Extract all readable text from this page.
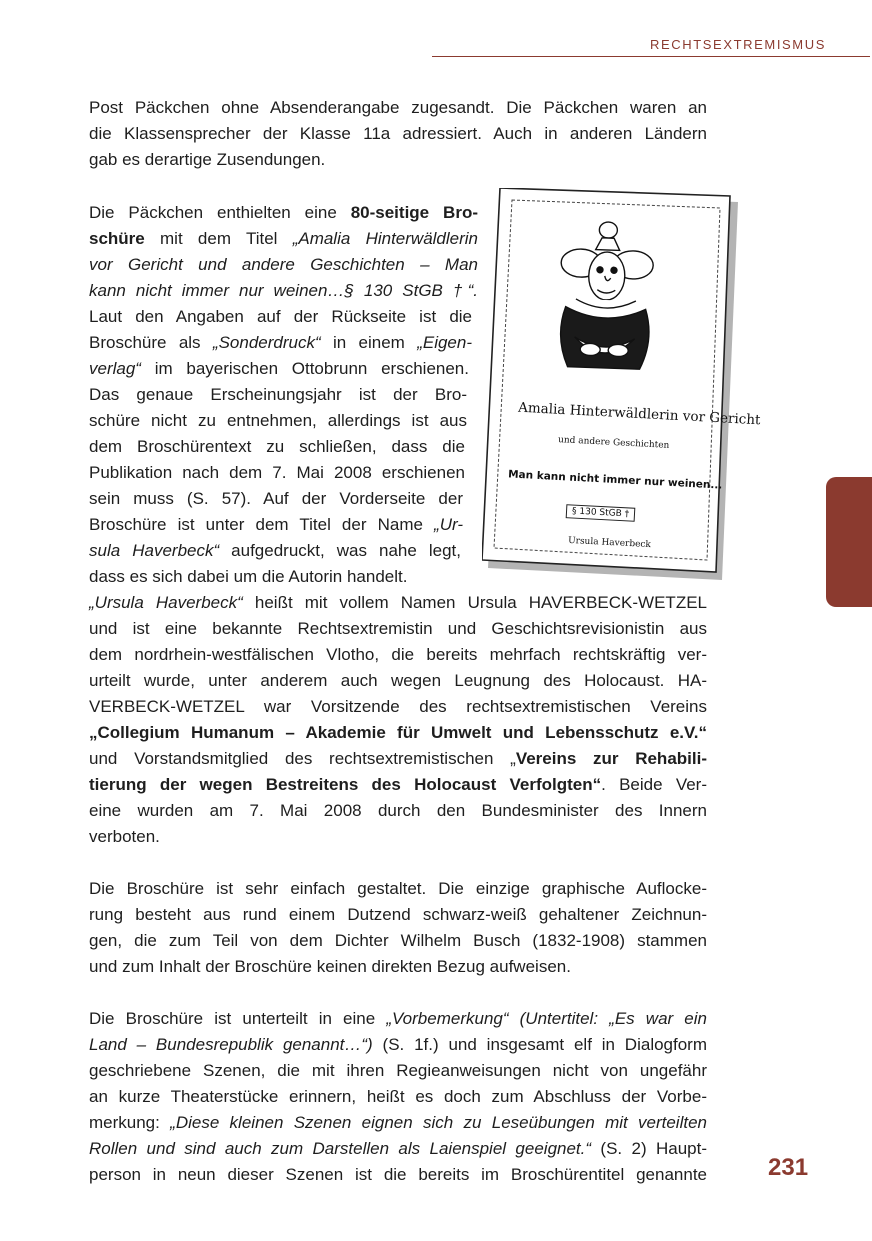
RECHTSEXTREMISMUS
Post Päckchen ohne Absenderangabe zugesandt. Die Päckchen waren an
die Klassensprecher der Klasse 11a adressiert. Auch in anderen Ländern
gab es derartige Zusendungen.
Die Päckchen enthielten eine 80-seitige Bro-
schüre mit dem Titel „Amalia Hinterwäldlerin
vor Gericht und andere Geschichten – Man
kann nicht immer nur weinen…§ 130 StGB †“.
Laut den Angaben auf der Rückseite ist die
Broschüre als „Sonderdruck“ in einem „Eigen-
verlag“ im bayerischen Ottobrunn erschienen.
Das genaue Erscheinungsjahr ist der Bro-
schüre nicht zu entnehmen, allerdings ist aus
dem Broschürentext zu schließen, dass die
Publikation nach dem 7. Mai 2008 erschienen
sein muss (S. 57). Auf der Vorderseite der
Broschüre ist unter dem Titel der Name „Ur-
sula Haverbeck“ aufgedruckt, was nahe legt,
dass es sich dabei um die Autorin handelt.
„Ursula Haverbeck“ heißt mit vollem Namen Ursula HAVERBECK-WETZEL
und ist eine bekannte Rechtsextremistin und Geschichtsrevisionistin aus
dem nordrhein-westfälischen Vlotho, die bereits mehrfach rechtskräftig ver-
urteilt wurde, unter anderem auch wegen Leugnung des Holocaust. HA-
VERBECK-WETZEL war Vorsitzende des rechtsextremistischen Vereins
„Collegium Humanum – Akademie für Umwelt und Lebensschutz e.V.“
und Vorstandsmitglied des rechtsextremistischen „Vereins zur Rehabili-
tierung der wegen Bestreitens des Holocaust Verfolgten“. Beide Ver-
eine wurden am 7. Mai 2008 durch den Bundesminister des Innern
verboten.
Die Broschüre ist sehr einfach gestaltet. Die einzige graphische Auflocke-
rung besteht aus rund einem Dutzend schwarz-weiß gehaltener Zeichnun-
gen, die zum Teil von dem Dichter Wilhelm Busch (1832-1908) stammen
und zum Inhalt der Broschüre keinen direkten Bezug aufweisen.
Die Broschüre ist unterteilt in eine „Vorbemerkung“ (Untertitel: „Es war ein
Land – Bundesrepublik genannt…“) (S. 1f.) und insgesamt elf in Dialogform
geschriebene Szenen, die mit ihren Regieanweisungen nicht von ungefähr
an kurze Theaterstücke erinnern, heißt es doch zum Abschluss der Vorbe-
merkung: „Diese kleinen Szenen eignen sich zu Leseübungen mit verteilten
Rollen und sind auch zum Darstellen als Laienspiel geeignet.“ (S. 2) Haupt-
person in neun dieser Szenen ist die bereits im Broschürentitel genannte
Amalia Hinterwäldlerin vor Gericht
und andere Geschichten
Man kann nicht immer nur weinen...
§ 130 StGB †
Ursula Haverbeck
231
